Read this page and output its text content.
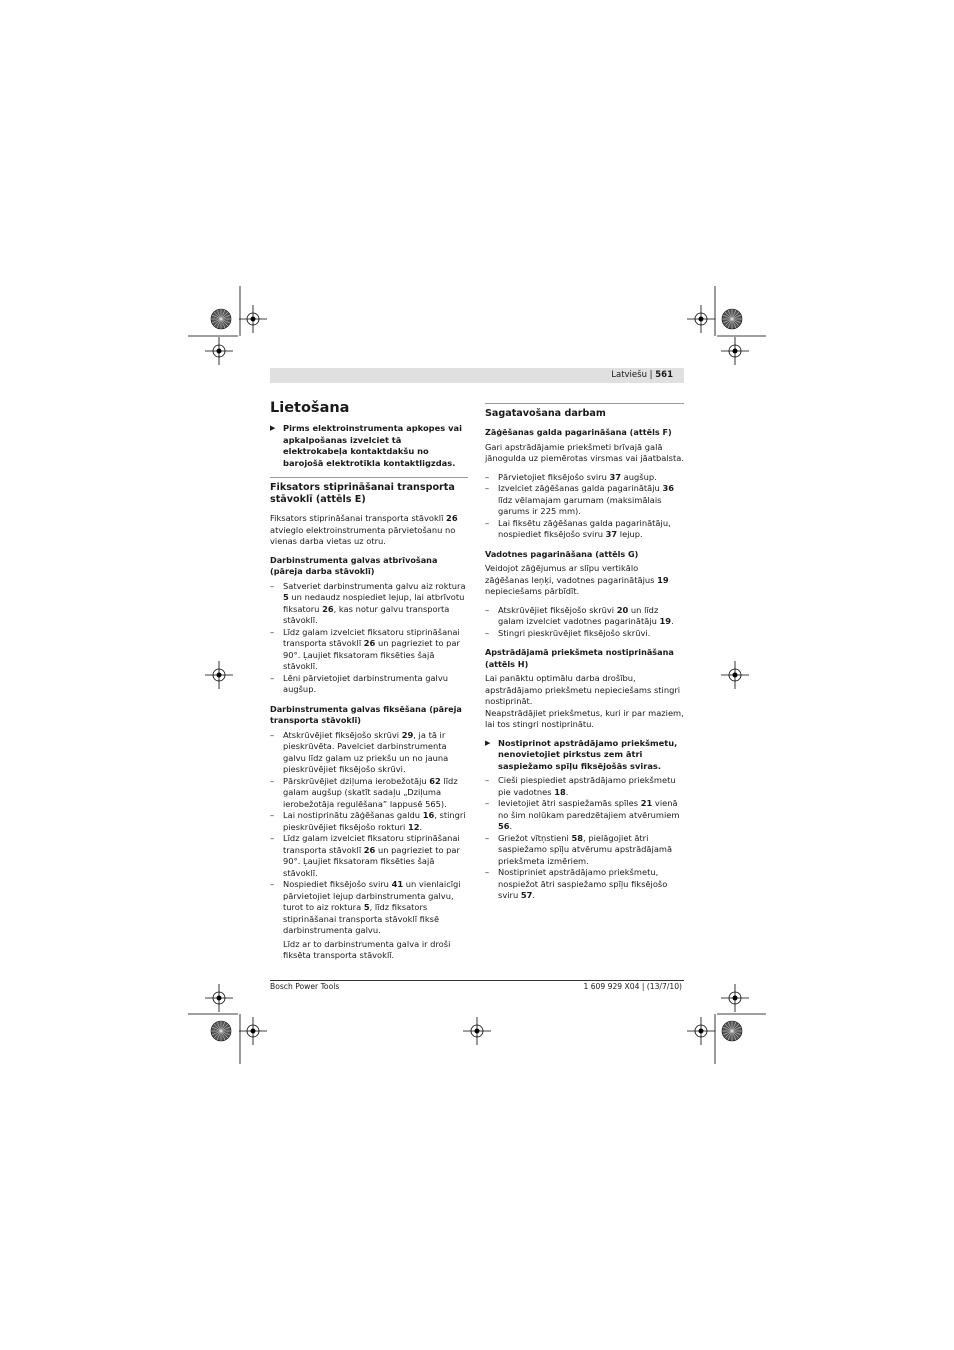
Latviešu | 561
Lietošana
▶ Pirms elektroinstrumenta apkopes vai apkalpošanas izvelciet tā elektrokabeļa kontaktdakšu no barojošā elektrotīkla kontaktligzdas.
Fiksators stiprināšanai transporta stāvoklī (attēls E)

Fiksators stiprināšanai transporta stāvoklī 26 atvieglo elektroinstrumenta pārvietošanu no vienas darba vietas uz otru.

Darbinstrumenta galvas atbrīvošana (pāreja darba stāvoklī)
– Satveriet darbinstrumenta galvu aiz roktura 5 un nedaudz nospiediet lejup, lai atbrīvotu fiksatoru 26, kas notur galvu transporta stāvoklī.
– Līdz galam izvelciet fiksatoru stiprināšanai transporta stāvoklī 26 un pagrieziet to par 90°. Ļaujiet fiksatoram fiksēties šajā stāvoklī.
– Lēni pārvietojiet darbinstrumenta galvu augšup.
Darbinstrumenta galvas fiksēšana (pāreja transporta stāvoklī)
– Atskrūvējiet fiksējošo skrūvi 29, ja tā ir pieskrūvēta. Pavelciet darbinstrumenta galvu līdz galam uz priekšu un no jauna pieskrūvējiet fiksējošo skrūvi.
– Pārskrūvējiet dziļuma ierobežotāju 62 līdz galam augšup (skatīt sadaļu „Dziļuma ierobežotāja regulēšana” lappusē 565).
– Lai nostiprinātu zāģēšanas galdu 16, stingri pieskrūvējiet fiksējošo rokturi 12.
– Līdz galam izvelciet fiksatoru stiprināšanai transporta stāvoklī 26 un pagrieziet to par 90°. Ļaujiet fiksatoram fiksēties šajā stāvoklī.
– Nospiediet fiksējošo sviru 41 un vienlaicīgi pārvietojiet lejup darbinstrumenta galvu, turot to aiz roktura 5, līdz fiksators stiprināšanai transporta stāvoklī fiksē darbinstrumenta galvu.
Līdz ar to darbinstrumenta galva ir droši fiksēta transporta stāvoklī.
Sagatavošana darbam
Zāģēšanas galda pagarināšana (attēls F)

Gari apstrādājamie priekšmeti brīvajā galā jānogulda uz piemērotas virsmas vai jāatbalsta.

– Pārvietojiet fiksējošo sviru 37 augšup.
– Izvelciet zāģēšanas galda pagarinātāju 36 līdz vēlamajam garumam (maksimālais garums ir 225 mm).
– Lai fiksētu zāģēšanas galda pagarinātāju, nospiediet fiksējošo sviru 37 lejup.
Vadotnes pagarināšana (attēls G)

Veidojot zāģējumus ar slīpu vertikālo zāģēšanas leņķi, vadotnes pagarinātājus 19 nepieciešams pārbīdīt.

– Atskrūvējiet fiksējošo skrūvi 20 un līdz galam izvelciet vadotnes pagarinātāju 19.
– Stingri pieskrūvējiet fiksējošo skrūvi.
Apstrādājamā priekšmeta nostiprināšana (attēls H)

Lai panāktu optimālu darba drošību, apstrādājamo priekšmetu nepieciešams stingri nostiprināt.

Neapstrādājiet priekšmetus, kuri ir par maziem, lai tos stingri nostiprinātu.

▶ Nostiprinot apstrādājamo priekšmetu, nenovietojiet pirkstus zem ātri saspiežamo spīļu fiksējošās sviras.
– Cieši piespiediet apstrādājamo priekšmetu pie vadotnes 18.
– Ievietojiet ātri saspiežamās spīles 21 vienā no šim nolūkam paredzētajiem atvērumiem 56.
– Griežot vītņstieni 58, pielāgojiet ātri saspiežamo spīļu atvērumu apstrādājamā priekšmeta izmēriem.
– Nostipriniet apstrādājamo priekšmetu, nospiežot ātri saspiežamo spīļu fiksējošo sviru 57.
Bosch Power Tools	1 609 929 X04 | (13/7/10)
